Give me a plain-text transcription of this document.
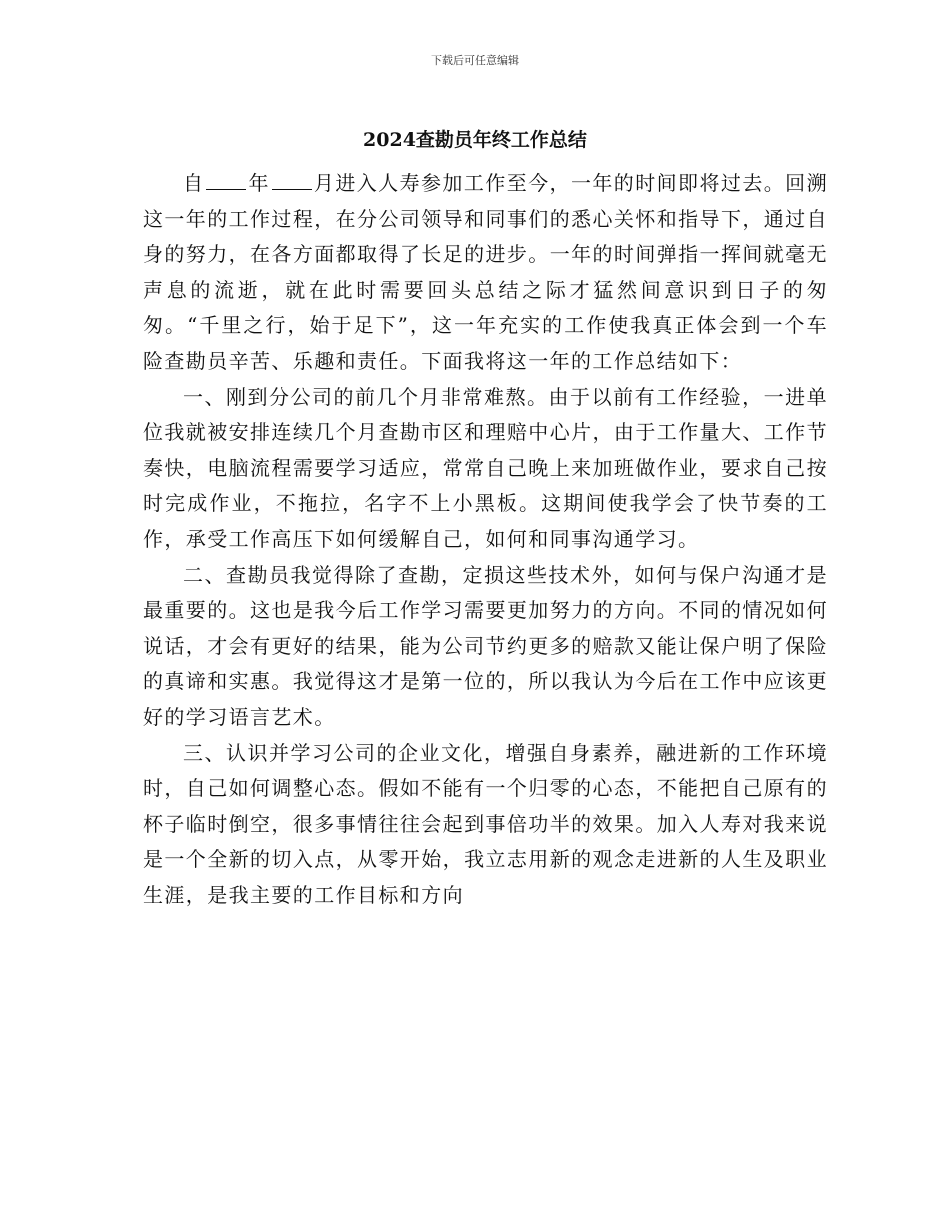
下载后可任意编辑
2024查勘员年终工作总结

自 年 月进入人寿参加工作至今，一年的时间即将过去。回溯这一年的工作过程，在分公司领导和同事们的悉心关怀和指导下，通过自身的努力，在各方面都取得了长足的进步。一年的时间弹指一挥间就毫无声息的流逝，就在此时需要回头总结之际才猛然间意识到日子的匆匆。“千里之行，始于足下”，这一年充实的工作使我真正体会到一个车险查勘员辛苦、乐趣和责任。下面我将这一年的工作总结如下：

一、刚到分公司的前几个月非常难熬。由于以前有工作经验，一进单位我就被安排连续几个月查勘市区和理赔中心片，由于工作量大、工作节奏快，电脑流程需要学习适应，常常自己晚上来加班做作业，要求自己按时完成作业，不拖拉，名字不上小黑板。这期间使我学会了快节奏的工作，承受工作高压下如何缓解自己，如何和同事沟通学习。

二、查勘员我觉得除了查勘，定损这些技术外，如何与保户沟通才是最重要的。这也是我今后工作学习需要更加努力的方向。不同的情况如何说话，才会有更好的结果，能为公司节约更多的赔款又能让保户明了保险的真谛和实惠。我觉得这才是第一位的，所以我认为今后在工作中应该更好的学习语言艺术。

三、认识并学习公司的企业文化，增强自身素养，融进新的工作环境时，自己如何调整心态。假如不能有一个归零的心态，不能把自己原有的杯子临时倒空，很多事情往往会起到事倍功半的效果。加入人寿对我来说是一个全新的切入点，从零开始，我立志用新的观念走进新的人生及职业生涯，是我主要的工作目标和方向
